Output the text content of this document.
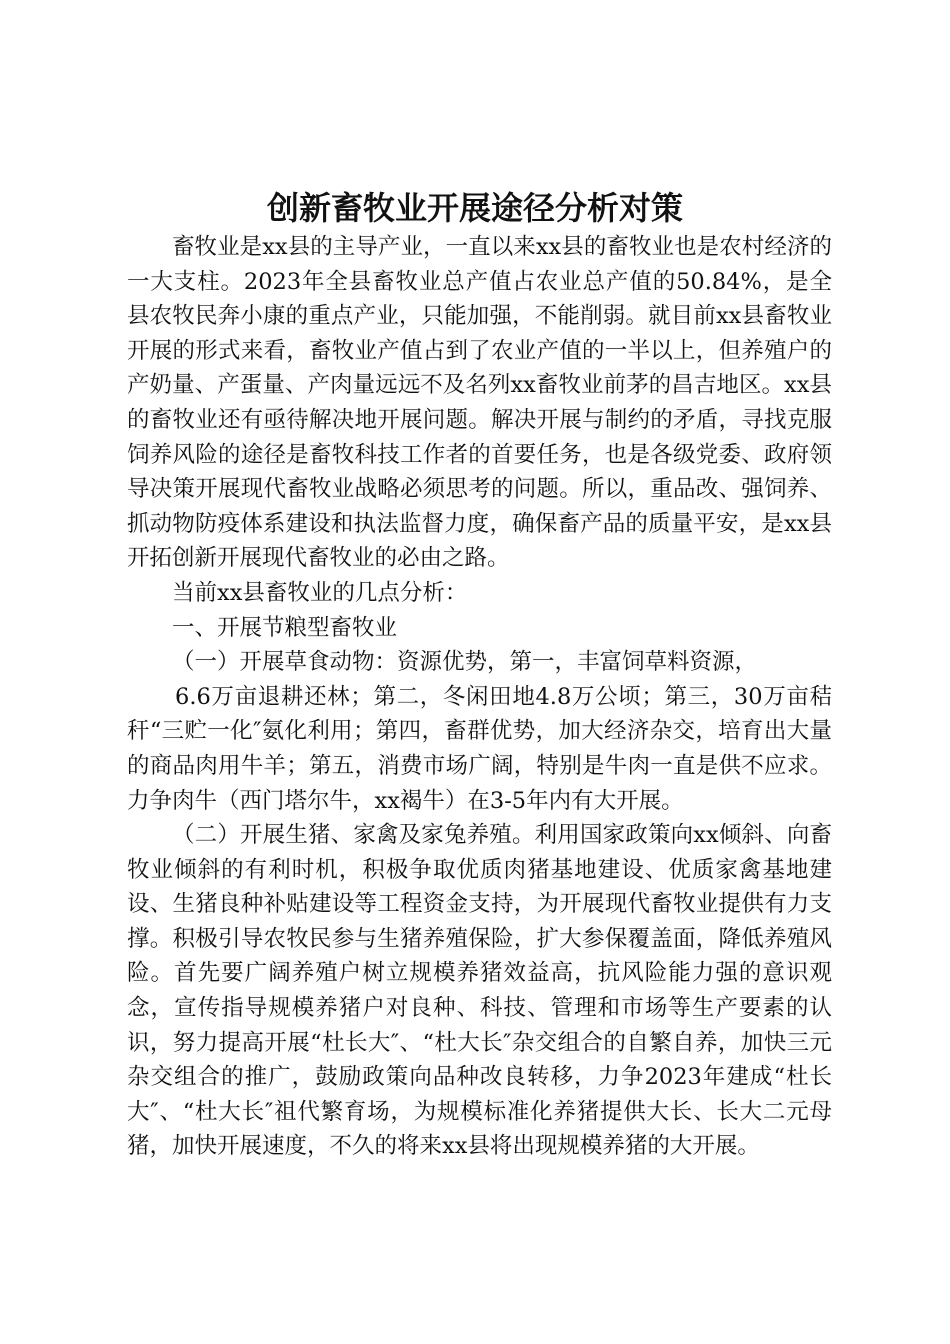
创新畜牧业开展途径分析对策

畜牧业是xx县的主导产业，一直以来xx县的畜牧业也是农村经济的一大支柱。2023年全县畜牧业总产值占农业总产值的50.84%，是全县农牧民奔小康的重点产业，只能加强，不能削弱。就目前xx县畜牧业开展的形式来看，畜牧业产值占到了农业产值的一半以上，但养殖户的产奶量、产蛋量、产肉量远远不及名列xx畜牧业前茅的昌吉地区。xx县的畜牧业还有亟待解决地开展问题。解决开展与制约的矛盾，寻找克服饲养风险的途径是畜牧科技工作者的首要任务，也是各级党委、政府领导决策开展现代畜牧业战略必须思考的问题。所以，重品改、强饲养、抓动物防疫体系建设和执法监督力度，确保畜产品的质量平安，是xx县开拓创新开展现代畜牧业的必由之路。

当前xx县畜牧业的几点分析：

一、开展节粮型畜牧业

（一）开展草食动物：资源优势，第一，丰富饲草料资源，

6.6万亩退耕还林；第二，冬闲田地4.8万公顷；第三，30万亩秸秆“三贮一化″氨化利用；第四，畜群优势，加大经济杂交，培育出大量的商品肉用牛羊；第五，消费市场广阔，特别是牛肉一直是供不应求。力争肉牛（西门塔尔牛，xx褐牛）在3-5年内有大开展。

（二）开展生猪、家禽及家兔养殖。利用国家政策向xx倾斜、向畜牧业倾斜的有利时机，积极争取优质肉猪基地建设、优质家禽基地建设、生猪良种补贴建设等工程资金支持，为开展现代畜牧业提供有力支撑。积极引导农牧民参与生猪养殖保险，扩大参保覆盖面，降低养殖风险。首先要广阔养殖户树立规模养猪效益高，抗风险能力强的意识观念，宣传指导规模养猪户对良种、科技、管理和市场等生产要素的认识，努力提高开展“杜长大″、“杜大长″杂交组合的自繁自养，加快三元杂交组合的推广，鼓励政策向品种改良转移，力争2023年建成“杜长大″、“杜大长″祖代繁育场，为规模标准化养猪提供大长、长大二元母猪，加快开展速度，不久的将来xx县将出现规模养猪的大开展。
